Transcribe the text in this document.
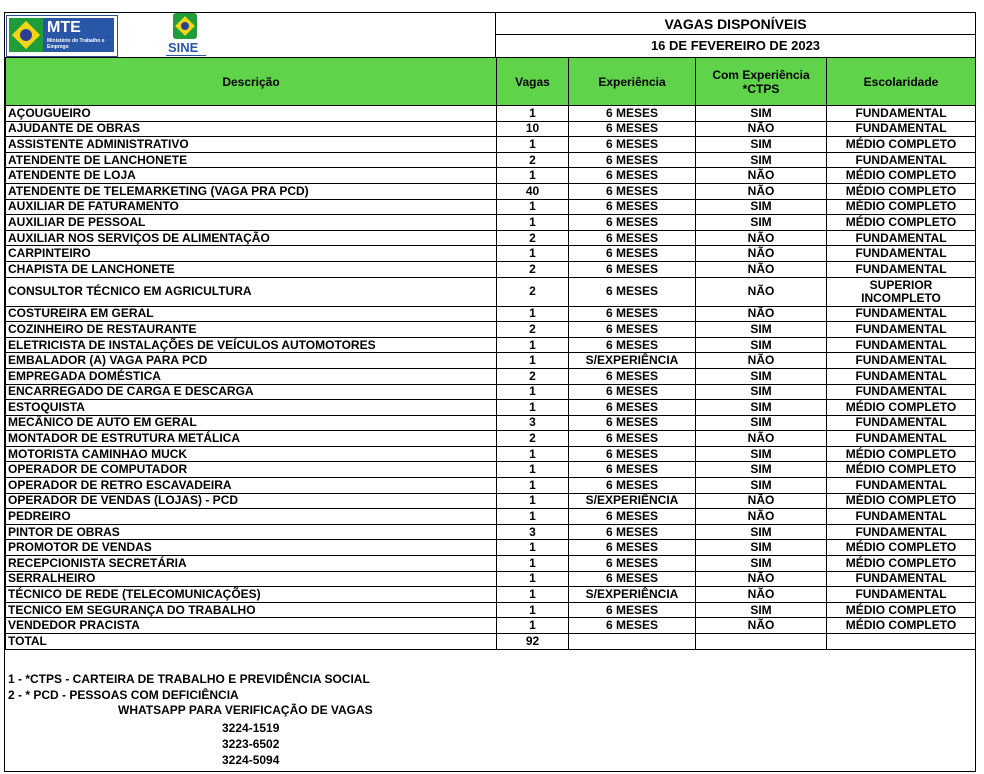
MTE
Ministério do Trabalho e Emprego	SINE
VAGAS DISPONÍVEIS
16 DE FEVEREIRO DE 2023
Descrição	Vagas	Experiência	Com Experiência *CTPS	Escolaridade
AÇOUGUEIRO	1	6 MESES	SIM	FUNDAMENTAL
AJUDANTE DE OBRAS	10	6 MESES	NÃO	FUNDAMENTAL
ASSISTENTE ADMINISTRATIVO	1	6 MESES	SIM	MÉDIO COMPLETO
ATENDENTE DE LANCHONETE	2	6 MESES	SIM	FUNDAMENTAL
ATENDENTE DE LOJA	1	6 MESES	NÃO	MÉDIO COMPLETO
ATENDENTE DE TELEMARKETING (VAGA PRA PCD)	40	6 MESES	NÃO	MÉDIO COMPLETO
AUXILIAR DE FATURAMENTO	1	6 MESES	SIM	MÉDIO COMPLETO
AUXILIAR DE PESSOAL	1	6 MESES	SIM	MÉDIO COMPLETO
AUXILIAR NOS SERVIÇOS DE ALIMENTAÇÃO	2	6 MESES	NÃO	FUNDAMENTAL
CARPINTEIRO	1	6 MESES	NÃO	FUNDAMENTAL
CHAPISTA DE LANCHONETE	2	6 MESES	NÃO	FUNDAMENTAL
CONSULTOR TÉCNICO EM AGRICULTURA	2	6 MESES	NÃO	SUPERIOR INCOMPLETO
COSTUREIRA EM GERAL	1	6 MESES	NÃO	FUNDAMENTAL
COZINHEIRO DE RESTAURANTE	2	6 MESES	SIM	FUNDAMENTAL
ELETRICISTA DE INSTALAÇÕES DE VEÍCULOS AUTOMOTORES	1	6 MESES	SIM	FUNDAMENTAL
EMBALADOR (A) VAGA PARA PCD	1	S/EXPERIÊNCIA	NÃO	FUNDAMENTAL
EMPREGADA DOMÉSTICA	2	6 MESES	SIM	FUNDAMENTAL
ENCARREGADO DE CARGA E DESCARGA	1	6 MESES	SIM	FUNDAMENTAL
ESTOQUISTA	1	6 MESES	SIM	MÉDIO COMPLETO
MECÂNICO DE AUTO EM GERAL	3	6 MESES	SIM	FUNDAMENTAL
MONTADOR DE ESTRUTURA METÁLICA	2	6 MESES	NÃO	FUNDAMENTAL
MOTORISTA CAMINHAO MUCK	1	6 MESES	SIM	MÉDIO COMPLETO
OPERADOR DE COMPUTADOR	1	6 MESES	SIM	MÉDIO COMPLETO
OPERADOR DE RETRO ESCAVADEIRA	1	6 MESES	SIM	FUNDAMENTAL
OPERADOR DE VENDAS (LOJAS) - PCD	1	S/EXPERIÊNCIA	NÃO	MÉDIO COMPLETO
PEDREIRO	1	6 MESES	NÃO	FUNDAMENTAL
PINTOR DE OBRAS	3	6 MESES	SIM	FUNDAMENTAL
PROMOTOR DE VENDAS	1	6 MESES	SIM	MÉDIO COMPLETO
RECEPCIONISTA SECRETÁRIA	1	6 MESES	SIM	MÉDIO COMPLETO
SERRALHEIRO	1	6 MESES	NÃO	FUNDAMENTAL
TÉCNICO DE REDE (TELECOMUNICAÇÕES)	1	S/EXPERIÊNCIA	NÃO	FUNDAMENTAL
TECNICO EM SEGURANÇA DO TRABALHO	1	6 MESES	SIM	MÉDIO COMPLETO
VENDEDOR PRACISTA	1	6 MESES	NÃO	MÉDIO COMPLETO
TOTAL	92			
1 - *CTPS - CARTEIRA DE TRABALHO E PREVIDÊNCIA SOCIAL
2 - * PCD - PESSOAS COM DEFICIÊNCIA
WHATSAPP PARA VERIFICAÇÃO DE VAGAS
3224-1519
3223-6502
3224-5094
